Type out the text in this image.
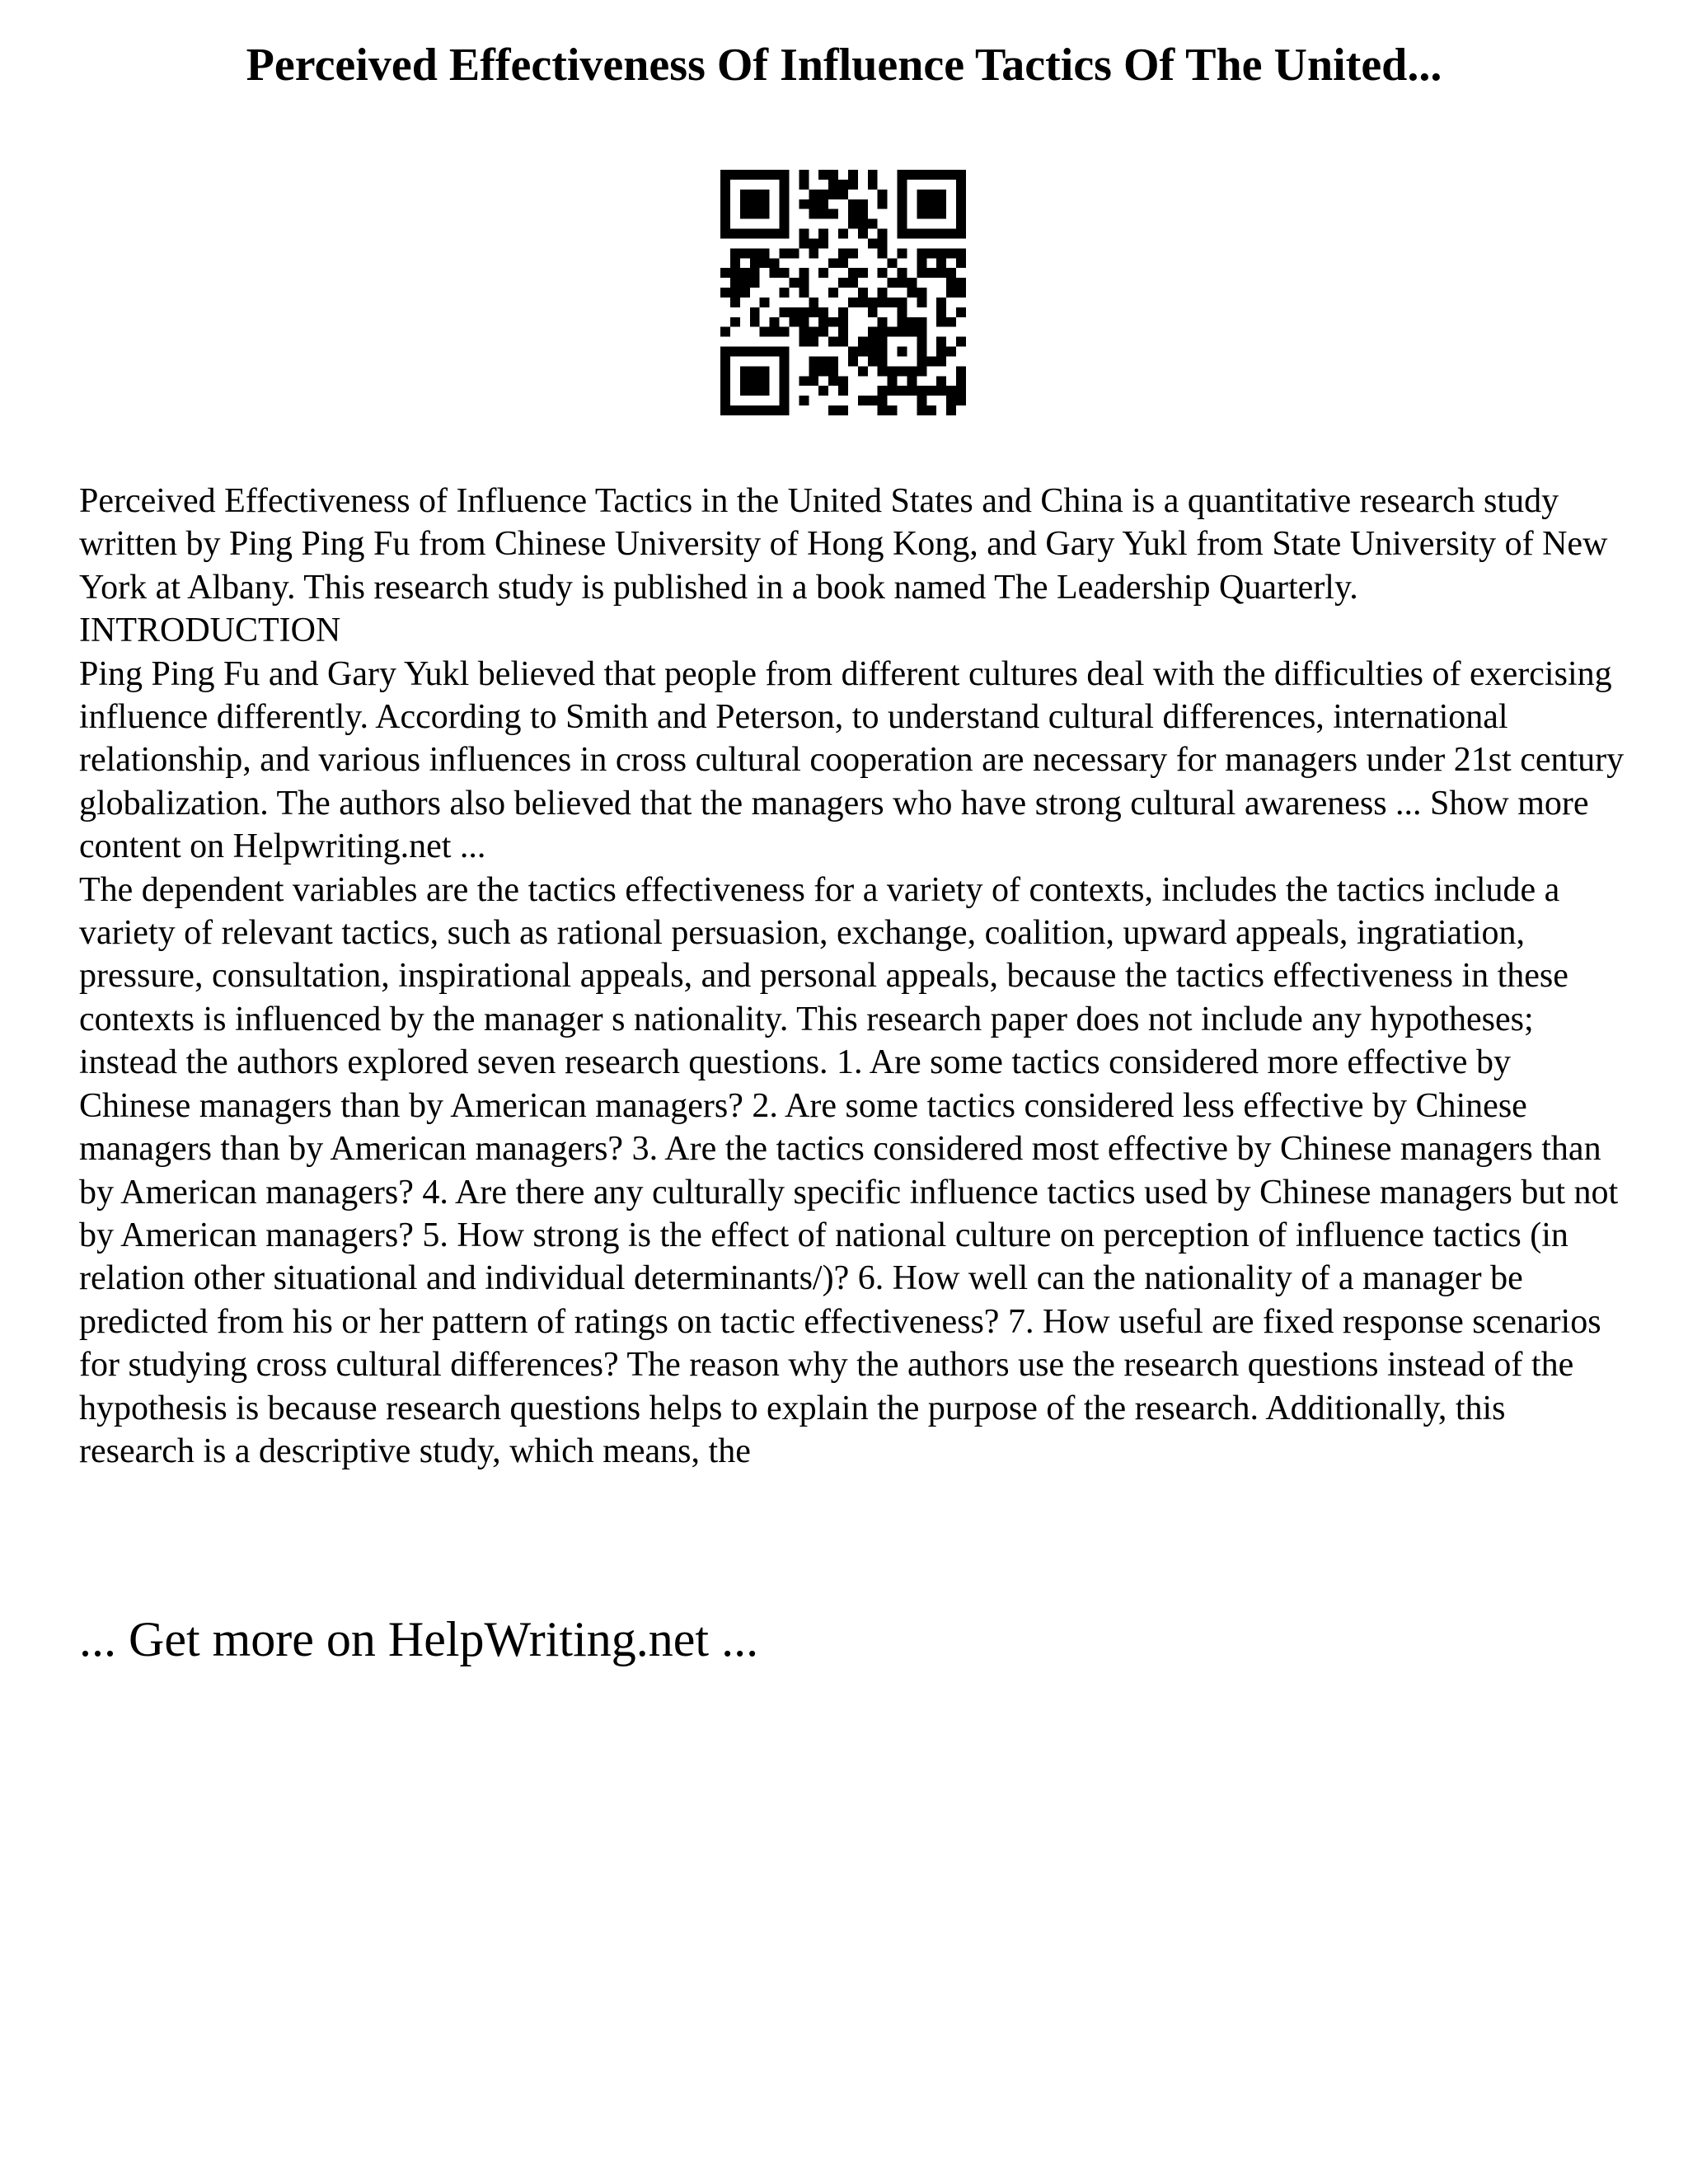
Perceived Effectiveness Of Influence Tactics Of The United...

Perceived Effectiveness of Influence Tactics in the United States and China is a quantitative research study written by Ping Ping Fu from Chinese University of Hong Kong, and Gary Yukl from State University of New York at Albany. This research study is published in a book named The Leadership Quarterly.

INTRODUCTION

Ping Ping Fu and Gary Yukl believed that people from different cultures deal with the difficulties of exercising influence differently. According to Smith and Peterson, to understand cultural differences, international relationship, and various influences in cross cultural cooperation are necessary for managers under 21st century globalization. The authors also believed that the managers who have strong cultural awareness ... Show more content on Helpwriting.net ...

The dependent variables are the tactics effectiveness for a variety of contexts, includes the tactics include a variety of relevant tactics, such as rational persuasion, exchange, coalition, upward appeals, ingratiation, pressure, consultation, inspirational appeals, and personal appeals, because the tactics effectiveness in these contexts is influenced by the manager s nationality. This research paper does not include any hypotheses; instead the authors explored seven research questions. 1. Are some tactics considered more effective by Chinese managers than by American managers? 2. Are some tactics considered less effective by Chinese managers than by American managers? 3. Are the tactics considered most effective by Chinese managers than by American managers? 4. Are there any culturally specific influence tactics used by Chinese managers but not by American managers? 5. How strong is the effect of national culture on perception of influence tactics (in relation other situational and individual determinants/)? 6. How well can the nationality of a manager be predicted from his or her pattern of ratings on tactic effectiveness? 7. How useful are fixed response scenarios for studying cross cultural differences? The reason why the authors use the research questions instead of the hypothesis is because research questions helps to explain the purpose of the research. Additionally, this research is a descriptive study, which means, the

... Get more on HelpWriting.net ...
